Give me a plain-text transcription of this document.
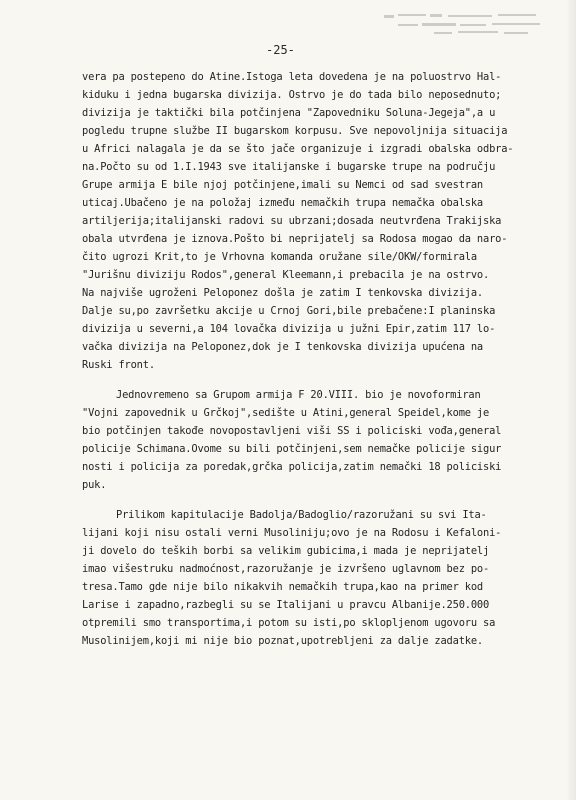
-25-
vera pa postepeno do Atine.Istoga leta dovedena je na poluostrvo Hal-
kiduku i jedna bugarska divizija. Ostrvo je do tada bilo neposednuto;
divizija je taktički bila potčinjena "Zapovedniku Soluna-Jegeja",a u
pogledu trupne službe II bugarskom korpusu. Sve nepovoljnija situacija
u Africi nalagala je da se što jače organizuje i izgradi obalska odbra-
na.Počto su od 1.I.1943 sve italijanske i bugarske trupe na području
Grupe armija E bile njoj potčinjene,imali su Nemci od sad svestran
uticaj.Ubačeno je na položaj između nemačkih trupa nemačka obalska
artiljerija;italijanski radovi su ubrzani;dosada neutvrđena Trakijska
obala utvrđena je iznova.Pošto bi neprijatelj sa Rodosa mogao da naro-
čito ugrozi Krit,to je Vrhovna komanda oružane sile/OKW/formirala
"Jurišnu diviziju Rodos",general Kleemann,i prebacila je na ostrvo.
Na najviše ugroženi Peloponez došla je zatim I tenkovska divizija.
Dalje su,po završetku akcije u Crnoj Gori,bile prebačene:I planinska
divizija u severni,a 104 lovačka divizija u južni Epir,zatim 117 lo-
vačka divizija na Peloponez,dok je I tenkovska divizija upućena na
Ruski front.
Jednovremeno sa Grupom armija F 20.VIII. bio je novoformiran
"Vojni zapovednik u Grčkoj",sedište u Atini,general Speidel,kome je
bio potčinjen takođe novopostavljeni viši SS i policiski vođa,general
policije Schimana.Ovome su bili potčinjeni,sem nemačke policije sigur
nosti i policija za poredak,grčka policija,zatim nemački 18 policiski
puk.
Prilikom kapitulacije Badolja/Badoglio/razoružani su svi Ita-
lijani koji nisu ostali verni Musoliniju;ovo je na Rodosu i Kefaloni-
ji dovelo do teških borbi sa velikim gubicima,i mada je neprijatelj
imao višestruku nadmoćnost,razoružanje je izvršeno uglavnom bez po-
tresa.Tamo gde nije bilo nikakvih nemačkih trupa,kao na primer kod
Larise i zapadno,razbegli su se Italijani u pravcu Albanije.250.000
otpremili smo transportima,i potom su isti,po sklopljenom ugovoru sa
Musolinijem,koji mi nije bio poznat,upotrebljeni za dalje zadatke.
